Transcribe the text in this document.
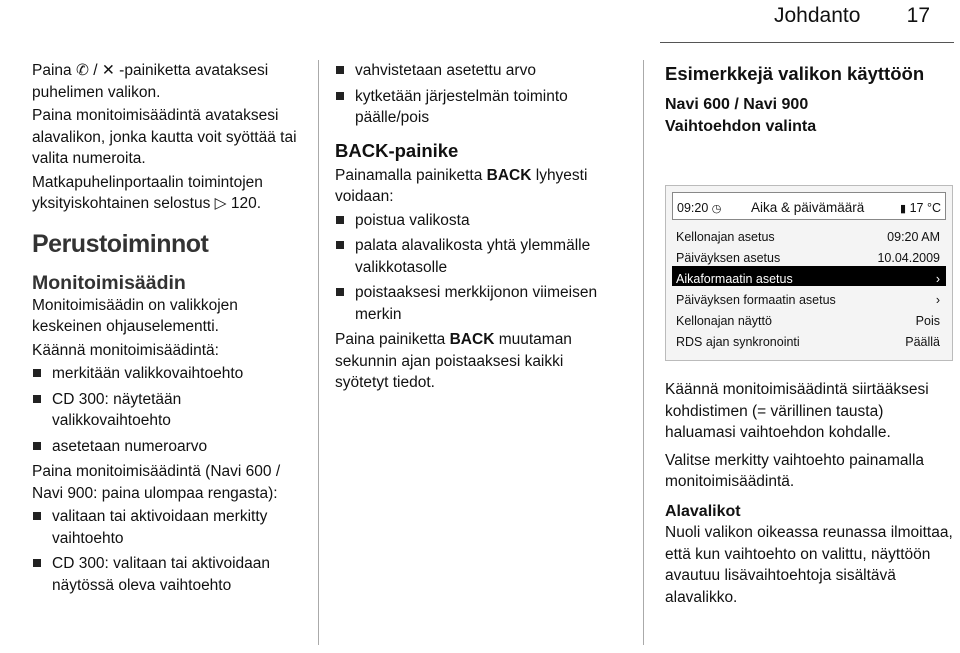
Johdanto 17

Paina ✆ / ✕ -painiketta avataksesi puhelimen valikon.

Paina monitoimisäädintä avataksesi alavalikon, jonka kautta voit syöttää tai valita numeroita.

Matkapuhelinportaalin toimintojen yksityiskohtainen selostus ▷ 120.

Perustoiminnot
Monitoimisäädin

Monitoimisäädin on valikkojen keskeinen ohjauselementti.

Käännä monitoimisäädintä:

merkitään valikkovaihtoehto
CD 300: näytetään valikkovaihtoehto
asetetaan numeroarvo

Paina monitoimisäädintä (Navi 600 / Navi 900: paina ulompaa rengasta):

valitaan tai aktivoidaan merkitty vaihtoehto
CD 300: valitaan tai aktivoidaan näytössä oleva vaihtoehto
vahvistetaan asetettu arvo
kytketään järjestelmän toiminto päälle/pois
BACK-painike

Painamalla painiketta BACK lyhyesti voidaan:

poistua valikosta
palata alavalikosta yhtä ylemmälle valikkotasolle
poistaaksesi merkkijonon viimeisen merkin

Paina painiketta BACK muutaman sekunnin ajan poistaaksesi kaikki syötetyt tiedot.

Esimerkkejä valikon käyttöön
Navi 600 / Navi 900
Vaihtoehdon valinta
09:20 ◷ Aika & päivämäärä	▮ 17 °C
Kellonajan asetus	09:20 AM
Päiväyksen asetus	10.04.2009
Aikaformaatin asetus	›
Päiväyksen formaatin asetus	›
Kellonajan näyttö	Pois
RDS ajan synkronointi	Päällä

Käännä monitoimisäädintä siirtääksesi kohdistimen (= värillinen tausta) haluamasi vaihtoehdon kohdalle.

Valitse merkitty vaihtoehto painamalla monitoimisäädintä.

Alavalikot

Nuoli valikon oikeassa reunassa ilmoittaa, että kun vaihtoehto on valittu, näyttöön avautuu lisävaihtoehtoja sisältävä alavalikko.
